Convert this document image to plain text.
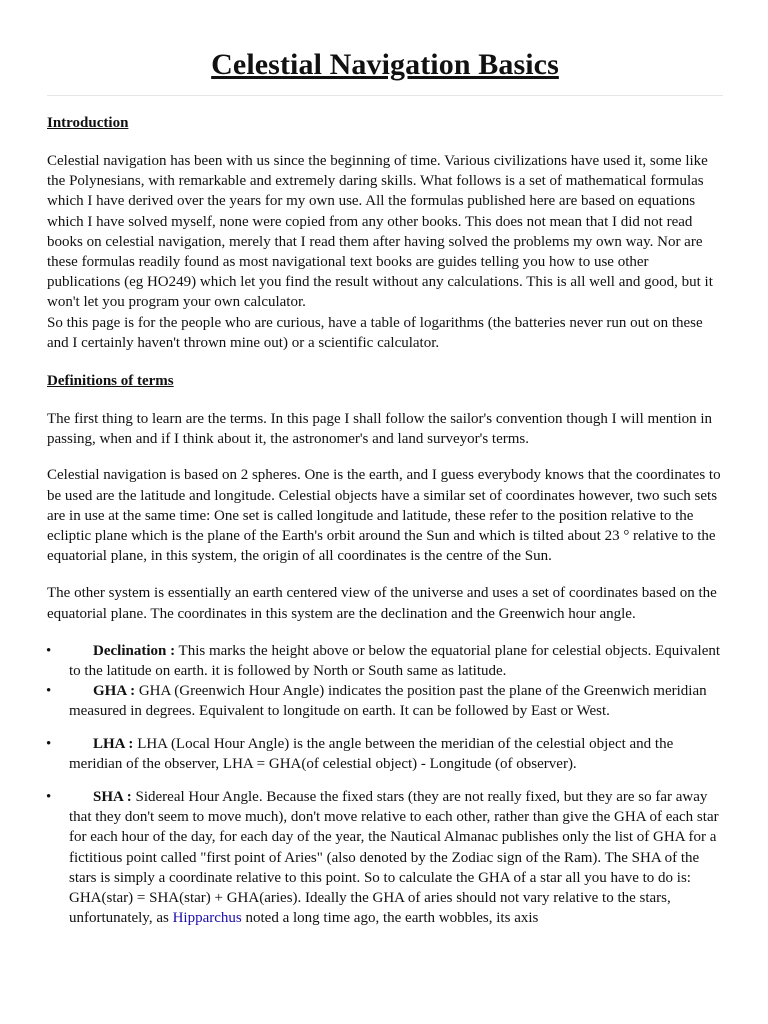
Celestial Navigation Basics
Introduction

Celestial navigation has been with us since the beginning of time. Various civilizations have used it, some like the Polynesians, with remarkable and extremely daring skills. What follows is a set of mathematical formulas which I have derived over the years for my own use. All the formulas published here are based on equations which I have solved myself, none were copied from any other books. This does not mean that I did not read books on celestial navigation, merely that I read them after having solved the problems my own way. Nor are these formulas readily found as most navigational text books are guides telling you how to use other publications (eg HO249) which let you find the result without any calculations. This is all well and good, but it won't let you program your own calculator.

So this page is for the people who are curious, have a table of logarithms (the batteries never run out on these and I certainly haven't thrown mine out) or a scientific calculator.

Definitions of terms

The first thing to learn are the terms. In this page I shall follow the sailor's convention though I will mention in passing, when and if I think about it, the astronomer's and land surveyor's terms.

Celestial navigation is based on 2 spheres. One is the earth, and I guess everybody knows that the coordinates to be used are the latitude and longitude. Celestial objects have a similar set of coordinates however, two such sets are in use at the same time: One set is called longitude and latitude, these refer to the position relative to the ecliptic plane which is the plane of the Earth's orbit around the Sun and which is tilted about 23 ° relative to the equatorial plane, in this system, the origin of all coordinates is the centre of the Sun.

The other system is essentially an earth centered view of the universe and uses a set of coordinates based on the equatorial plane. The coordinates in this system are the declination and the Greenwich hour angle.

•	Declination : This marks the height above or below the equatorial plane for celestial objects. Equivalent to the latitude on earth. it is followed by North or South same as latitude.
•	GHA : GHA (Greenwich Hour Angle) indicates the position past the plane of the Greenwich meridian measured in degrees. Equivalent to longitude on earth. It can be followed by East or West.
•	LHA : LHA (Local Hour Angle) is the angle between the meridian of the celestial object and the meridian of the observer, LHA = GHA(of celestial object) - Longitude (of observer).
•	SHA : Sidereal Hour Angle. Because the fixed stars (they are not really fixed, but they are so far away that they don't seem to move much), don't move relative to each other, rather than give the GHA of each star for each hour of the day, for each day of the year, the Nautical Almanac publishes only the list of GHA for a fictitious point called "first point of Aries" (also denoted by the Zodiac sign of the Ram). The SHA of the stars is simply a coordinate relative to this point. So to calculate the GHA of a star all you have to do is: GHA(star) = SHA(star) + GHA(aries). Ideally the GHA of aries should not vary relative to the stars, unfortunately, as Hipparchus noted a long time ago, the earth wobbles, its axis
